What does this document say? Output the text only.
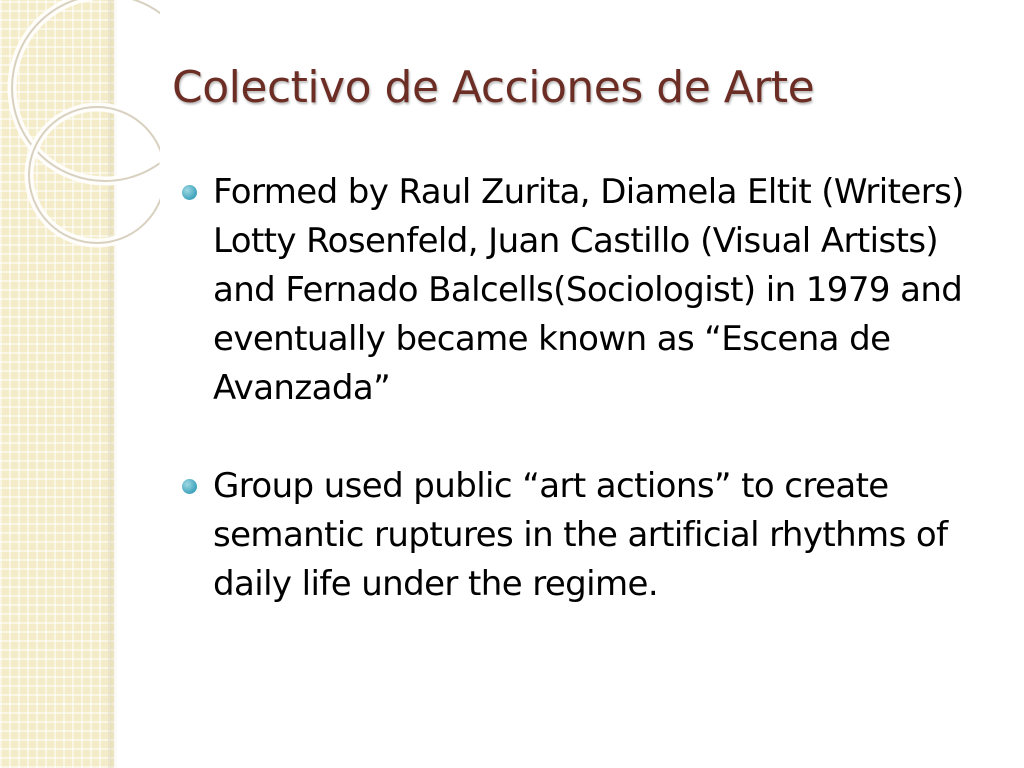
Colectivo de Acciones de Arte
Formed by Raul Zurita, Diamela Eltit (Writers) Lotty Rosenfeld, Juan Castillo (Visual Artists) and Fernado Balcells(Sociologist) in 1979 and eventually became known as “Escena de Avanzada”
Group used public “art actions” to create semantic ruptures in the artificial rhythms of daily life under the regime.
